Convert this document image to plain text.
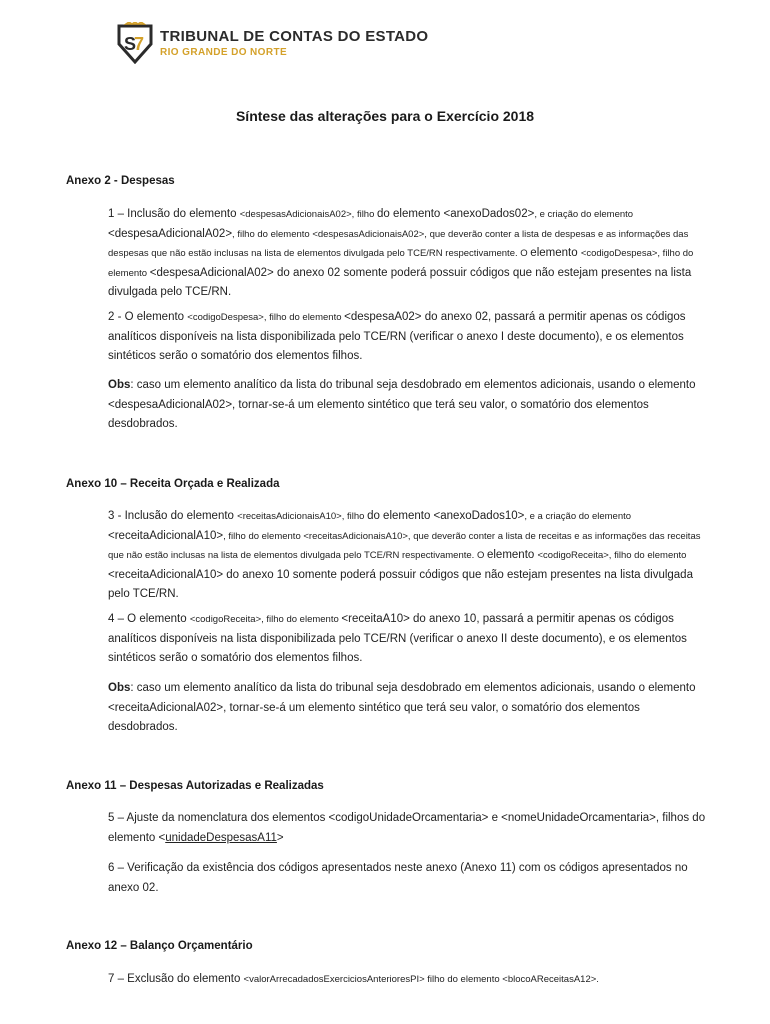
S
7 TRIBUNAL DE CONTAS DO ESTADO
RIO GRANDE DO NORTE
Síntese das alterações para o Exercício 2018
Anexo 2 - Despesas
1 – Inclusão do elemento <despesasAdicionaisA02>, filho do elemento <anexoDados02>, e criação do elemento <despesaAdicionalA02>, filho do elemento <despesasAdicionaisA02>, que deverão conter a lista de despesas e as informações das despesas que não estão inclusas na lista de elementos divulgada pelo TCE/RN respectivamente. O elemento <codigoDespesa>, filho do elemento <despesaAdicionalA02> do anexo 02 somente poderá possuir códigos que não estejam presentes na lista divulgada pelo TCE/RN.
2 - O elemento <codigoDespesa>, filho do elemento <despesaA02> do anexo 02, passará a permitir apenas os códigos analíticos disponíveis na lista disponibilizada pelo TCE/RN (verificar o anexo I deste documento), e os elementos sintéticos serão o somatório dos elementos filhos.
Obs: caso um elemento analítico da lista do tribunal seja desdobrado em elementos adicionais, usando o elemento <despesaAdicionalA02>, tornar-se-á um elemento sintético que terá seu valor, o somatório dos elementos desdobrados.
Anexo 10 – Receita Orçada e Realizada
3 - Inclusão do elemento <receitasAdicionaisA10>, filho do elemento <anexoDados10>, e a criação do elemento <receitaAdicionalA10>, filho do elemento <receitasAdicionaisA10>, que deverão conter a lista de receitas e as informações das receitas que não estão inclusas na lista de elementos divulgada pelo TCE/RN respectivamente. O elemento <codigoReceita>, filho do elemento <receitaAdicionalA10> do anexo 10 somente poderá possuir códigos que não estejam presentes na lista divulgada pelo TCE/RN.
4 – O elemento <codigoReceita>, filho do elemento <receitaA10> do anexo 10, passará a permitir apenas os códigos analíticos disponíveis na lista disponibilizada pelo TCE/RN (verificar o anexo II deste documento), e os elementos sintéticos serão o somatório dos elementos filhos.
Obs: caso um elemento analítico da lista do tribunal seja desdobrado em elementos adicionais, usando o elemento <receitaAdicionalA02>, tornar-se-á um elemento sintético que terá seu valor, o somatório dos elementos desdobrados.
Anexo 11 – Despesas Autorizadas e Realizadas
5 – Ajuste da nomenclatura dos elementos <codigoUnidadeOrcamentaria> e <nomeUnidadeOrcamentaria>, filhos do elemento <unidadeDespesasA11>
6 – Verificação da existência dos códigos apresentados neste anexo (Anexo 11) com os códigos apresentados no anexo 02.
Anexo 12 – Balanço Orçamentário
7 – Exclusão do elemento <valorArrecadadosExerciciosAnterioresPI> filho do elemento <blocoAReceitasA12>.
